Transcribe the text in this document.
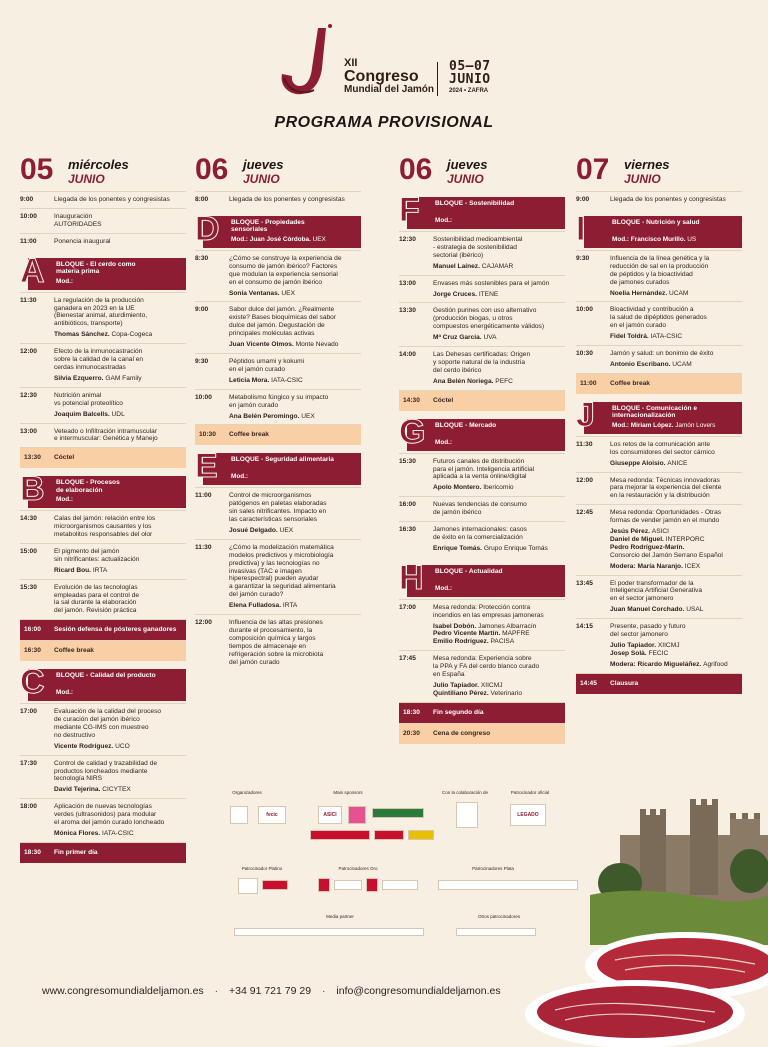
XII
Congreso
Mundial del Jamón
05–07
JUNIO
2024 • ZAFRA
PROGRAMA PROVISIONAL
05 miércoles
JUNIO
9:00	Llegada de los ponentes y congresistas
10:00	Inauguración
AUTORIDADES
11:00	Ponencia inaugural
A BLOQUE - El cerdo como
materia prima
Mod.:
11:30	La regulación de la producción
ganadera en 2023 en la UE
(Bienestar animal, aturdimiento,
antibióticos, transporte)
Thomas Sánchez. Copa-Cogeca
12:00	Efecto de la inmunocastración
sobre la calidad de la canal en
cerdas inmunocastradas
Silvia Ezquerro. GAM Family
12:30	Nutrición animal
vs potencial proteolítico
Joaquim Balcells. UDL
13:00	Veteado o Infiltración intramuscular
e intermuscular: Genética y Manejo
13:30	Cóctel
B BLOQUE - Procesos
de elaboración
Mod.:
14:30	Calas del jamón: relación entre los
microorganismos causantes y los
metabolitos responsables del olor
15:00	El pigmento del jamón
sin nitrificantes: actualización
Ricard Bou. IRTA
15:30	Evolución de las tecnologías
empleadas para el control de
la sal durante la elaboración
del jamón. Revisión práctica
16:00	Sesión defensa de pósteres ganadores
16:30	Coffee break
C BLOQUE - Calidad del producto
Mod.:
17:00	Evaluación de la calidad del proceso
de curación del jamón ibérico
mediante CG-IMS con muestreo
no destructivo
Vicente Rodríguez. UCO
17:30	Control de calidad y trazabilidad de
productos loncheados mediante
tecnología NIRS
David Tejerina. CICYTEX
18:00	Aplicación de nuevas tecnologías
verdes (ultrasonidos) para modular
el aroma del jamón curado loncheado
Mónica Flores. IATA-CSIC
18:30	Fin primer día
06 jueves
JUNIO
8:00	Llegada de los ponentes y congresistas
D BLOQUE - Propiedades
sensoriales
Mod.: Juan José Córdoba. UEX
8:30	¿Cómo se construye la experiencia de
consumo de jamón ibérico? Factores
que modulan la experiencia sensorial
en el consumo de jamón ibérico
Sonia Ventanas. UEX
9:00	Sabor dulce del jamón. ¿Realmente
existe? Bases bioquímicas del sabor
dulce del jamón. Degustación de
principales moléculas activas
Juan Vicente Olmos. Monte Nevado
9:30	Péptidos umami y kokumi
en el jamón curado
Leticia Mora. IATA-CSIC
10:00	Metabolismo fúngico y su impacto
en jamón curado
Ana Belén Peromingo. UEX
10:30	Coffee break
E BLOQUE - Seguridad alimentaria
Mod.:
11:00	Control de microorganismos
patógenos en paletas elaboradas
sin sales nitrificantes. Impacto en
las características sensoriales
Josué Delgado. UEX
11:30	¿Cómo la modelización matemática
modelos predictivos y microbiología
predictiva) y las tecnologías no
invasivas (TAC e imagen
hiperespectral) pueden ayudar
a garantizar la seguridad alimentaria
del jamón curado?
Elena Fulladosa. IRTA
12:00	Influencia de las altas presiones
durante el procesamiento, la
composición química y largos
tiempos de almacenaje en
refrigeración sobre la microbiota
del jamón curado
06 jueves
JUNIO
F BLOQUE - Sostenibilidad
Mod.:
12:30	Sostenibilidad medioambiental
- estrategia de sostenibilidad
sectorial (ibérico)
Manuel Laínez. CAJAMAR
13:00	Envases más sostenibles para el jamón
Jorge Cruces. ITENE
13:30	Gestión purines con uso alternativo
(producción biogas, u otros
compuestos energéticamente válidos)
Mª Cruz García. UVA
14:00	Las Dehesas certificadas: Origen
y soporte natural de la industria
del cerdo ibérico
Ana Belén Noriega. PEFC
14:30	Cóctel
G BLOQUE - Mercado
Mod.:
15:30	Futuros canales de distribución
para el jamón. Inteligencia artificial
aplicada a la venta online/digital
Apolo Montero. Ibericomio
16:00	Nuevas tendencias de consumo
de jamón ibérico
16:30	Jamones internacionales: casos
de éxito en la comercialización
Enrique Tomás. Grupo Enrique Tomás
H BLOQUE - Actualidad
Mod.:
17:00	Mesa redonda: Protección contra
incendios en las empresas jamoneras
Isabel Dobón. Jamones Albarracín
Pedro Vicente Martín. MAPFRE
Emilio Rodríguez. PACISA
17:45	Mesa redonda: Experiencia sobre
la PPA y FA del cerdo blanco curado
en España
Julio Tapiador. XIICMJ
Quintiliano Pérez. Veterinario
18:30	Fin segundo día
20:30	Cena de congreso
07 viernes
JUNIO
9:00	Llegada de los ponentes y congresistas
I	BLOQUE - Nutrición y salud
Mod.: Francisco Murillo. US
9:30	Influencia de la línea genética y la
reducción de sal en la producción
de péptidos y la bioactividad
de jamones curados
Noelia Hernández. UCAM
10:00	Bioactividad y contribución a
la salud de dipéptidos generados
en el jamón curado
Fidel Toldrá. IATA-CSIC
10:30	Jamón y salud: un bonimio de éxito
Antonio Escribano. UCAM
11:00	Coffee break
J	BLOQUE - Comunicación e
internacionalización
Mod.: Miriam López. Jamón Lovers
11:30	Los retos de la comunicación ante
los consumidores del sector cárnico
Giuseppe Aloisio. ANICE
12:00	Mesa redonda: Técnicas innovadoras
para mejorar la experiencia del cliente
en la restauración y la distribución
12:45	Mesa redonda: Oportunidades - Otras
formas de vender jamón en el mundo
Jesús Pérez. ASICI
Daniel de Miguel. INTERPORC
Pedro Rodríguez-Marín.
Consorcio del Jamón Serrano Español
Modera: María Naranjo. ICEX
13:45	El poder transformador de la
Inteligencia Artificial Generativa
en el sector jamonero
Juan Manuel Corchado. USAL
14:15	Presente, pasado y futuro
del sector jamonero
Julio Tapiador. XIICMJ
Josep Solà. FECIC
Modera: Ricardo Migueláñez. Agrifood
14:45	Clausura
Organizadores
fecic
Main sponsors
ASICI
Con la colaboración de	Patrocinador oficial
LEGADO
Patrocinador Platino	Patrocinadores Oro	Patrocinadores Plata
Media partner	Otros patrocinadores
www.congresomundialdeljamon.es · +34 91 721 79 29 · info@congresomundialdeljamon.es
